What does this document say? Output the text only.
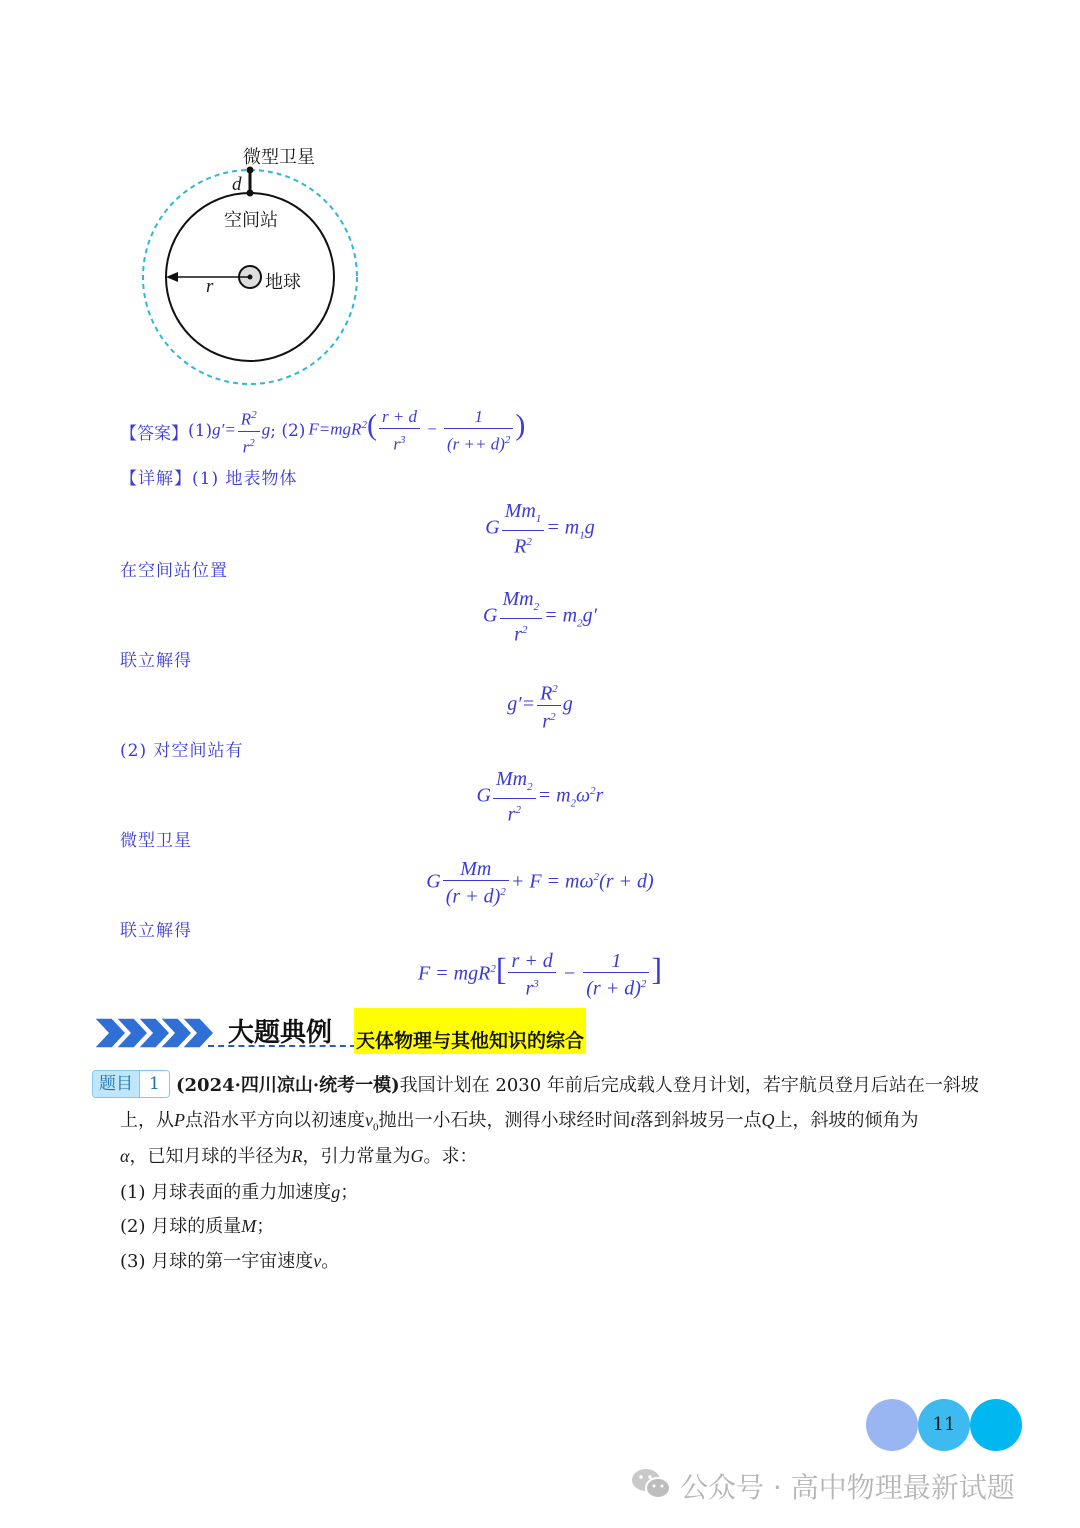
微型卫星
d
空间站
地球
r
【答案】 (1) $g'= \frac{R^2}{r^2}$ g ; (2) $F=mgR^2( \frac{r + d}{r^3} - \frac{1}{(r ++ d)^2}$ )
【详解】(1) 地表物体
G $\frac{Mm_1}{R^2} = m_1g$
在空间站位置
G $\frac{Mm_2}{r^2} = m_2g'$
联立解得
$g'= \frac{R^2}{r^2}$ g
(2) 对空间站有
G $\frac{Mm_2}{r^2} = m_2\omega^2r$
微型卫星
G $\frac{Mm}{(r + d)^2} + F = m\omega^2(r + d)$
联立解得
$F = mgR^2[ \frac{r + d}{r^3} - \frac{1}{(r + d)^2}$ ]
大题典例 天体物理与其他知识的综合
题目 1 (2024·四川凉山·统考一模)我国计划在 2030 年前后完成载人登月计划，若宇航员登月后站在一斜坡
上，从P点沿水平方向以初速度$v_0$抛出一小石块，测得小球经时间t落到斜坡另一点Q上，斜坡的倾角为
α，已知月球的半径为R，引力常量为G。求：
(1) 月球表面的重力加速度g；
(2) 月球的质量M；
(3) 月球的第一宇宙速度v。
11
公众号 · 高中物理最新试题
